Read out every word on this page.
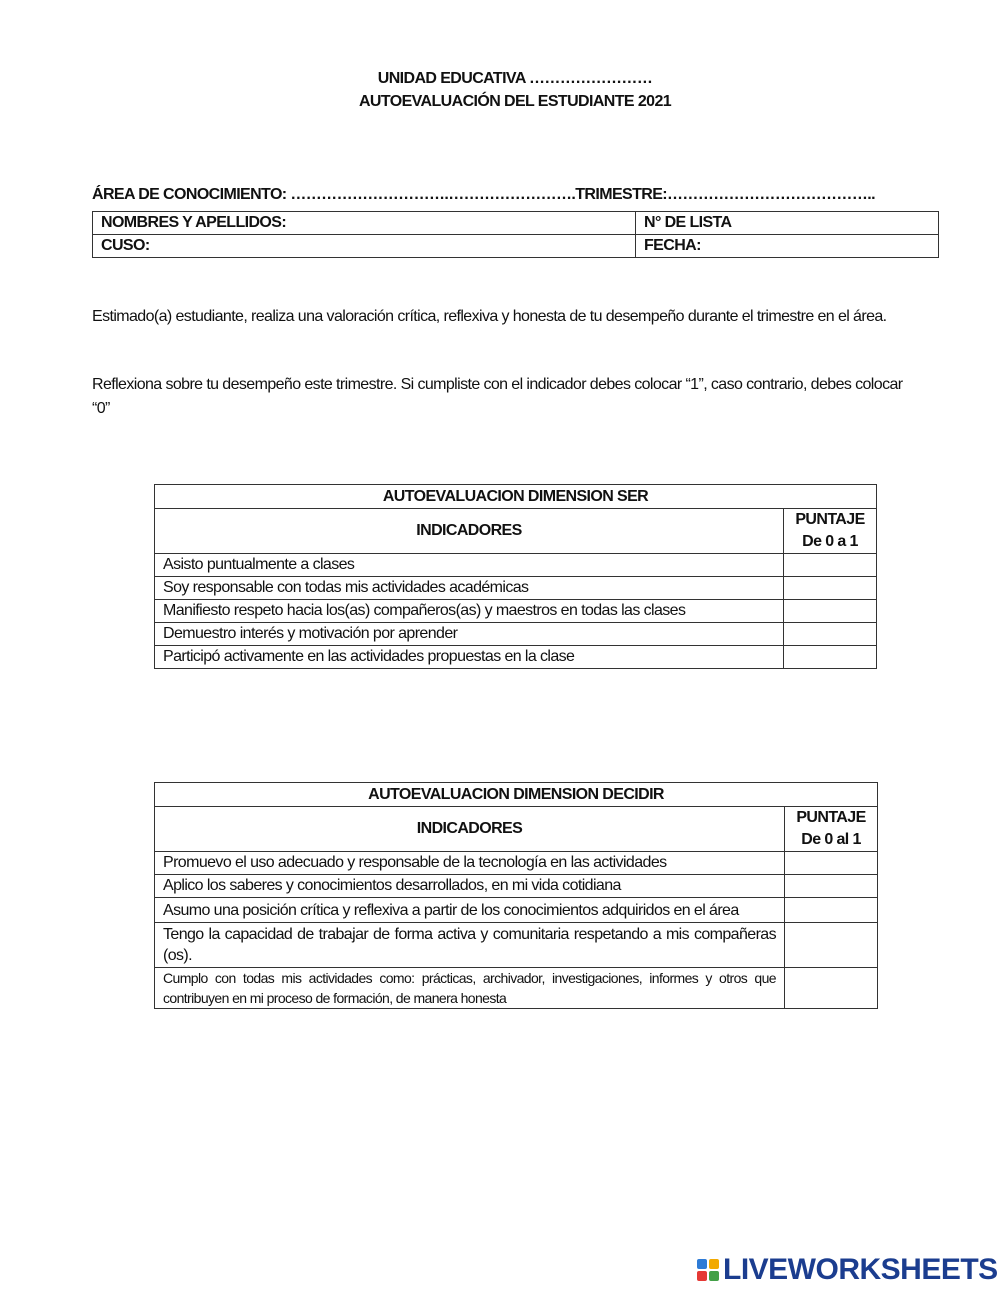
UNIDAD EDUCATIVA ……………………
AUTOEVALUACIÓN DEL ESTUDIANTE 2021
ÁREA DE CONOCIMIENTO: ………………………….…………………….TRIMESTRE:…………………………………..
NOMBRES Y APELLIDOS:	N° DE LISTA
CUSO:	FECHA:
Estimado(a) estudiante, realiza una valoración crítica, reflexiva y honesta de tu desempeño durante el trimestre en el área.
Reflexiona sobre tu desempeño este trimestre. Si cumpliste con el indicador debes colocar “1”, caso contrario, debes colocar “0”
AUTOEVALUACION DIMENSION SER	
INDICADORES	PUNTAJE
De 0 a 1

Asisto puntualmente a clases	
Soy responsable con todas mis actividades académicas	
Manifiesto respeto hacia los(as) compañeros(as) y maestros en todas las clases	
Demuestro interés y motivación por aprender	
Participó activamente en las actividades propuestas en la clase	
AUTOEVALUACION DIMENSION DECIDIR	
INDICADORES	PUNTAJE
De 0 al 1

Promuevo el uso adecuado y responsable de la tecnología en las actividades	
Aplico los saberes y conocimientos desarrollados, en mi vida cotidiana	
Asumo una posición crítica y reflexiva a partir de los conocimientos adquiridos en el área	
Tengo la capacidad de trabajar de forma activa y comunitaria respetando a mis compañeras (os).	
Cumplo con todas mis actividades como: prácticas, archivador, investigaciones, informes y otros que contribuyen en mi proceso de formación, de manera honesta	
LIVEWORKSHEETS
